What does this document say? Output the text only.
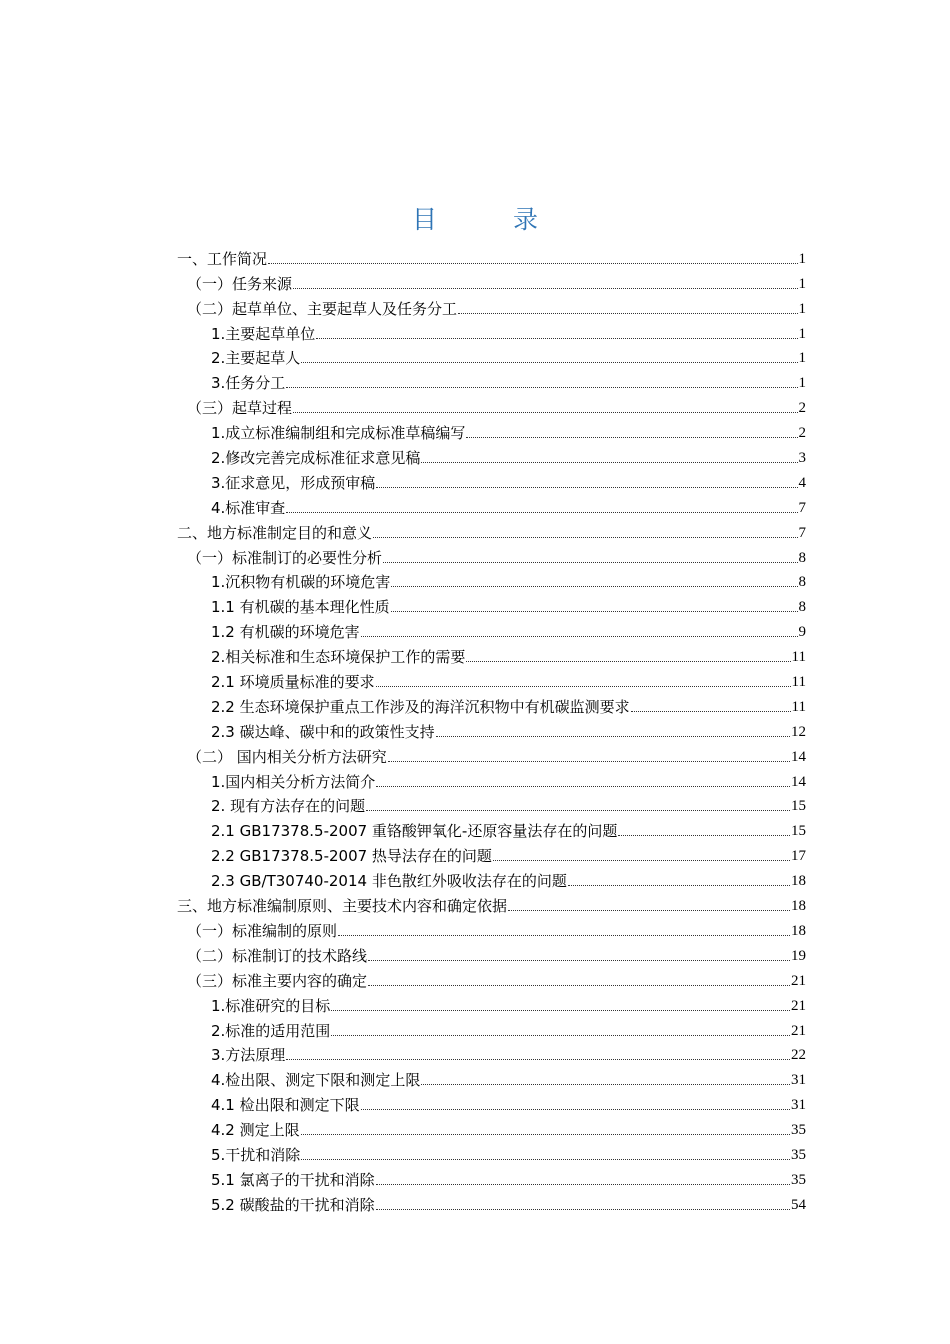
目 录
一、工作简况	1
（一）任务来源	1
（二）起草单位、主要起草人及任务分工	1
1.主要起草单位	1
2.主要起草人	1
3.任务分工	1
（三）起草过程	2
1.成立标准编制组和完成标准草稿编写	2
2.修改完善完成标准征求意见稿	3
3.征求意见，形成预审稿	4
4.标准审查	7
二、地方标准制定目的和意义	7
（一）标准制订的必要性分析	8
1.沉积物有机碳的环境危害	8
1.1 有机碳的基本理化性质	8
1.2 有机碳的环境危害	9
2.相关标准和生态环境保护工作的需要	11
2.1 环境质量标准的要求	11
2.2 生态环境保护重点工作涉及的海洋沉积物中有机碳监测要求	11
2.3 碳达峰、碳中和的政策性支持	12
（二） 国内相关分析方法研究	14
1.国内相关分析方法简介	14
2. 现有方法存在的问题	15
2.1 GB17378.5-2007 重铬酸钾氧化-还原容量法存在的问题	15
2.2 GB17378.5-2007 热导法存在的问题	17
2.3 GB/T30740-2014 非色散红外吸收法存在的问题	18
三、地方标准编制原则、主要技术内容和确定依据	18
（一）标准编制的原则	18
（二）标准制订的技术路线	19
（三）标准主要内容的确定	21
1.标准研究的目标	21
2.标准的适用范围	21
3.方法原理	22
4.检出限、测定下限和测定上限	31
4.1 检出限和测定下限	31
4.2 测定上限	35
5.干扰和消除	35
5.1 氯离子的干扰和消除	35
5.2 碳酸盐的干扰和消除	54
